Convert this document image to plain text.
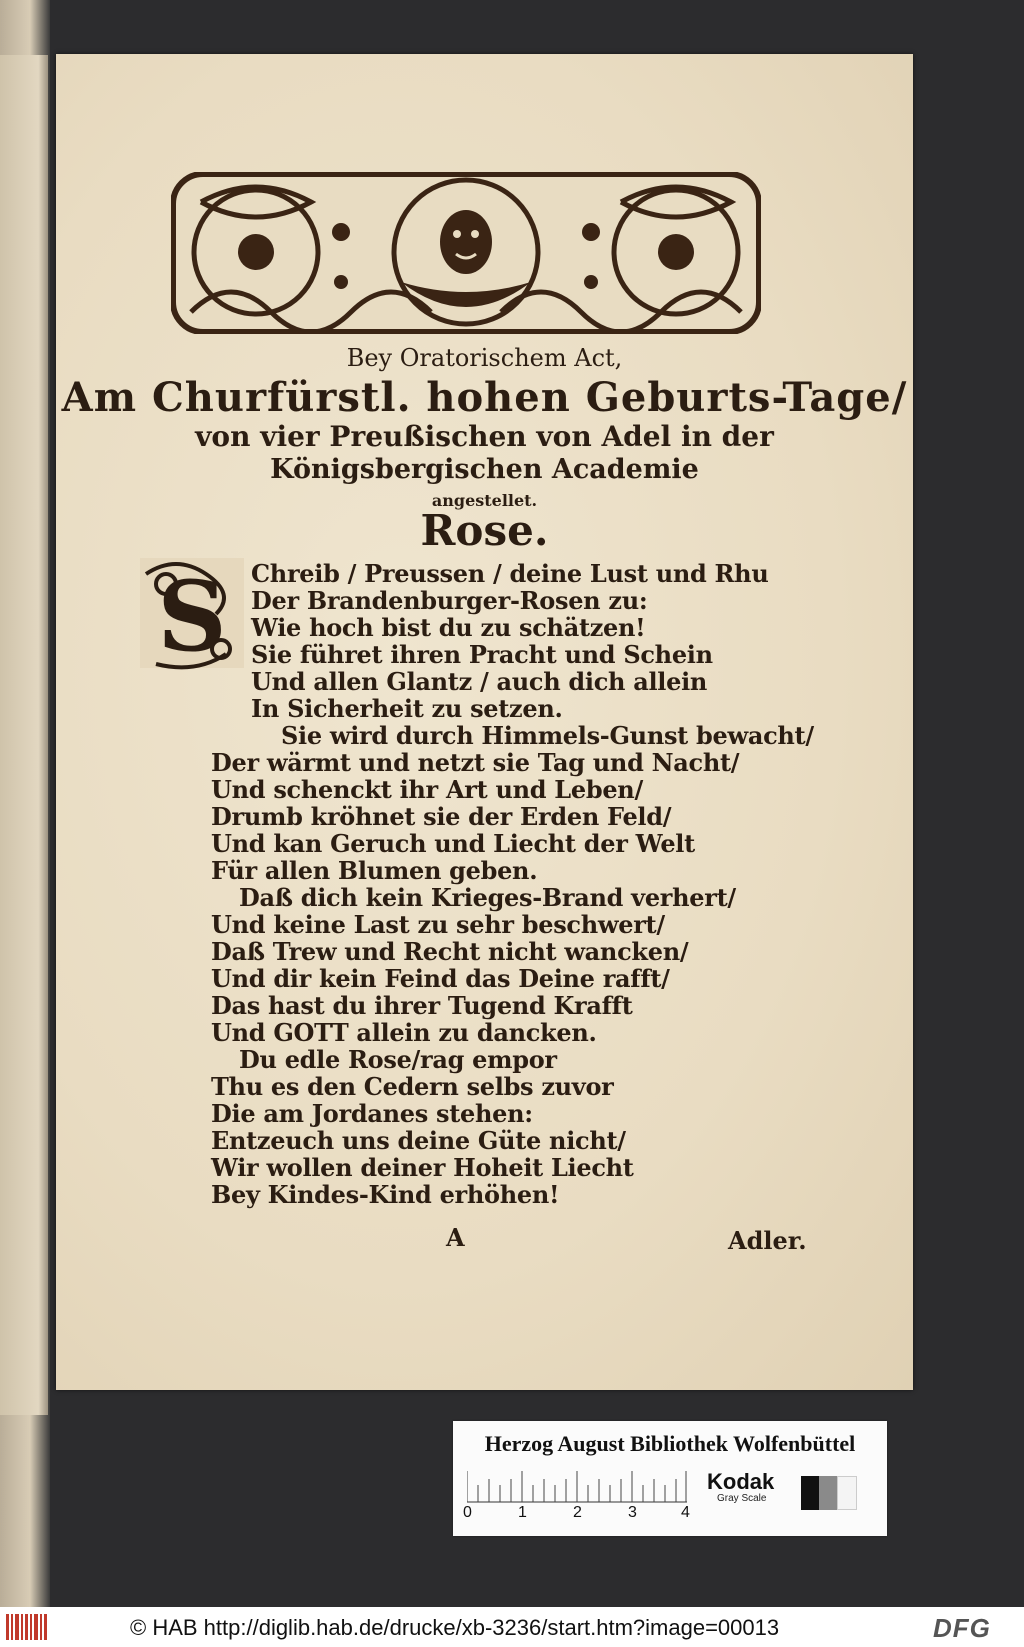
Bey Oratorischem Act,
Am Churfürstl. hohen Geburts-Tage/
von vier Preußischen von Adel in der
Königsbergischen Academie
angestellet.
Rose.
S Chreib / Preussen / deine Lust und Rhu
Der Brandenburger-Rosen zu:
Wie hoch bist du zu schätzen!
Sie führet ihren Pracht und Schein
Und allen Glantz / auch dich allein
In Sicherheit zu setzen.
Sie wird durch Himmels-Gunst bewacht/
Der wärmt und netzt sie Tag und Nacht/
Und schenckt ihr Art und Leben/
Drumb kröhnet sie der Erden Feld/
Und kan Geruch und Liecht der Welt
Für allen Blumen geben.
Daß dich kein Krieges-Brand verhert/
Und keine Last zu sehr beschwert/
Daß Trew und Recht nicht wancken/
Und dir kein Feind das Deine rafft/
Das hast du ihrer Tugend Krafft
Und GOTT allein zu dancken.
Du edle Rose/rag empor
Thu es den Cedern selbs zuvor
Die am Jordanes stehen:
Entzeuch uns deine Güte nicht/
Wir wollen deiner Hoheit Liecht
Bey Kindes-Kind erhöhen!
A	Adler.
Herzog August Bibliothek Wolfenbüttel
0	1	2	3	4
Kodak
Gray Scale
© HAB http://diglib.hab.de/drucke/xb-3236/start.htm?image=00013	DFG
